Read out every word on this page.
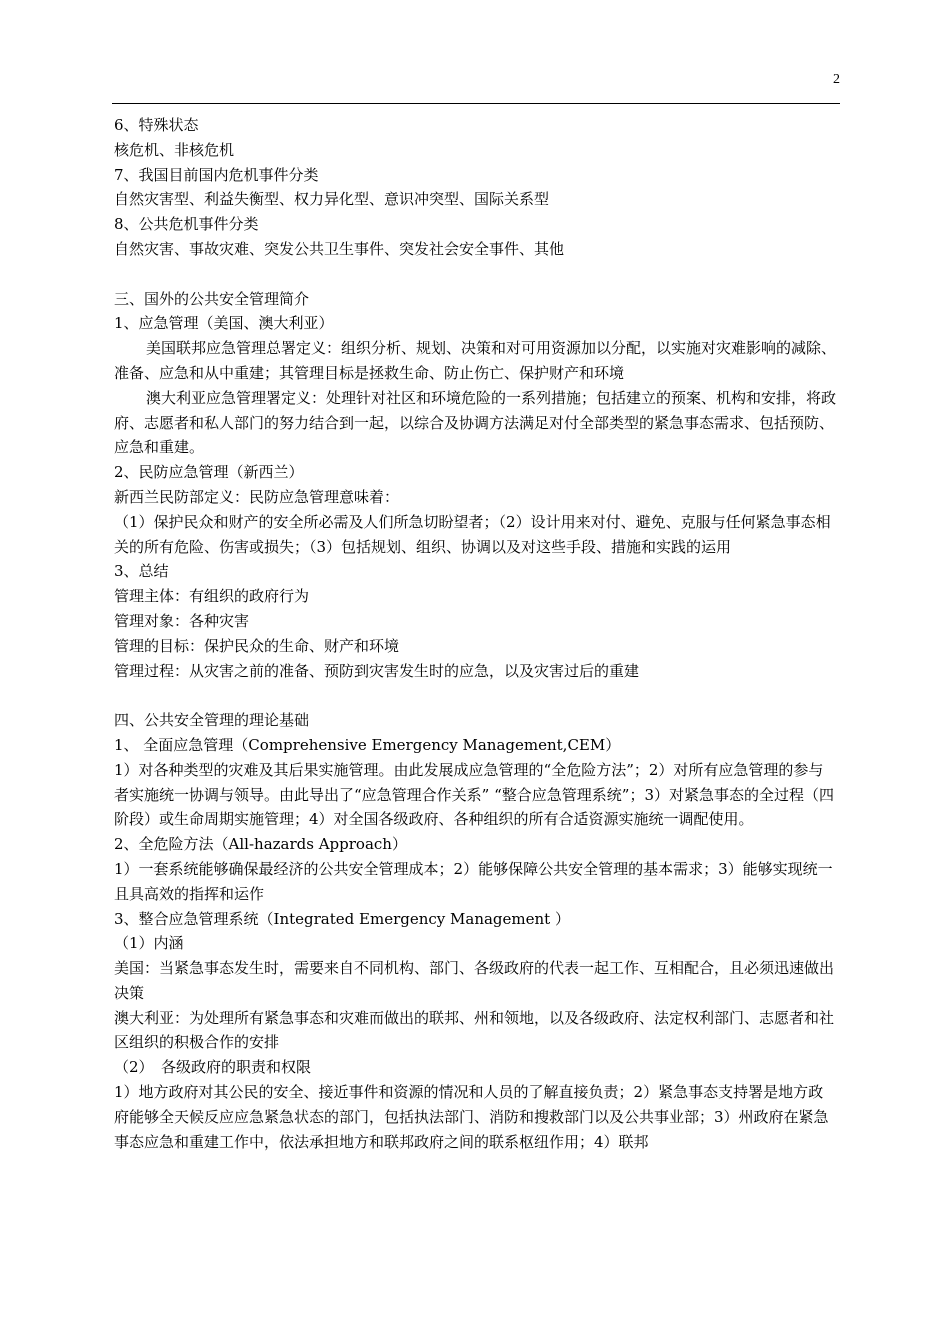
2

6、特殊状态

核危机、非核危机

7、我国目前国内危机事件分类

自然灾害型、利益失衡型、权力异化型、意识冲突型、国际关系型

8、公共危机事件分类

自然灾害、事故灾难、突发公共卫生事件、突发社会安全事件、其他

三、国外的公共安全管理简介

1、应急管理（美国、澳大利亚）

美国联邦应急管理总署定义：组织分析、规划、决策和对可用资源加以分配，以实施对灾难影响的减除、准备、应急和从中重建；其管理目标是拯救生命、防止伤亡、保护财产和环境

澳大利亚应急管理署定义：处理针对社区和环境危险的一系列措施；包括建立的预案、机构和安排，将政府、志愿者和私人部门的努力结合到一起，以综合及协调方法满足对付全部类型的紧急事态需求、包括预防、应急和重建。

2、民防应急管理（新西兰）

新西兰民防部定义：民防应急管理意味着：

（1）保护民众和财产的安全所必需及人们所急切盼望者；（2）设计用来对付、避免、克服与任何紧急事态相关的所有危险、伤害或损失；（3）包括规划、组织、协调以及对这些手段、措施和实践的运用

3、总结

管理主体：有组织的政府行为

管理对象：各种灾害

管理的目标：保护民众的生命、财产和环境

管理过程：从灾害之前的准备、预防到灾害发生时的应急，以及灾害过后的重建

四、公共安全管理的理论基础

1、 全面应急管理（Comprehensive Emergency Management,CEM）

1）对各种类型的灾难及其后果实施管理。由此发展成应急管理的“全危险方法”；2）对所有应急管理的参与者实施统一协调与领导。由此导出了“应急管理合作关系” “整合应急管理系统”；3）对紧急事态的全过程（四阶段）或生命周期实施管理；4）对全国各级政府、各种组织的所有合适资源实施统一调配使用。

2、全危险方法（All-hazards Approach）

1）一套系统能够确保最经济的公共安全管理成本；2）能够保障公共安全管理的基本需求；3）能够实现统一且具高效的指挥和运作

3、整合应急管理系统（Integrated Emergency Management ）

（1）内涵

美国：当紧急事态发生时，需要来自不同机构、部门、各级政府的代表一起工作、互相配合，且必须迅速做出决策

澳大利亚：为处理所有紧急事态和灾难而做出的联邦、州和领地，以及各级政府、法定权利部门、志愿者和社区组织的积极合作的安排

（2）　各级政府的职责和权限

1）地方政府对其公民的安全、接近事件和资源的情况和人员的了解直接负责；2）紧急事态支持署是地方政府能够全天候反应应急紧急状态的部门，包括执法部门、消防和搜救部门以及公共事业部；3）州政府在紧急事态应急和重建工作中，依法承担地方和联邦政府之间的联系枢纽作用；4）联邦
